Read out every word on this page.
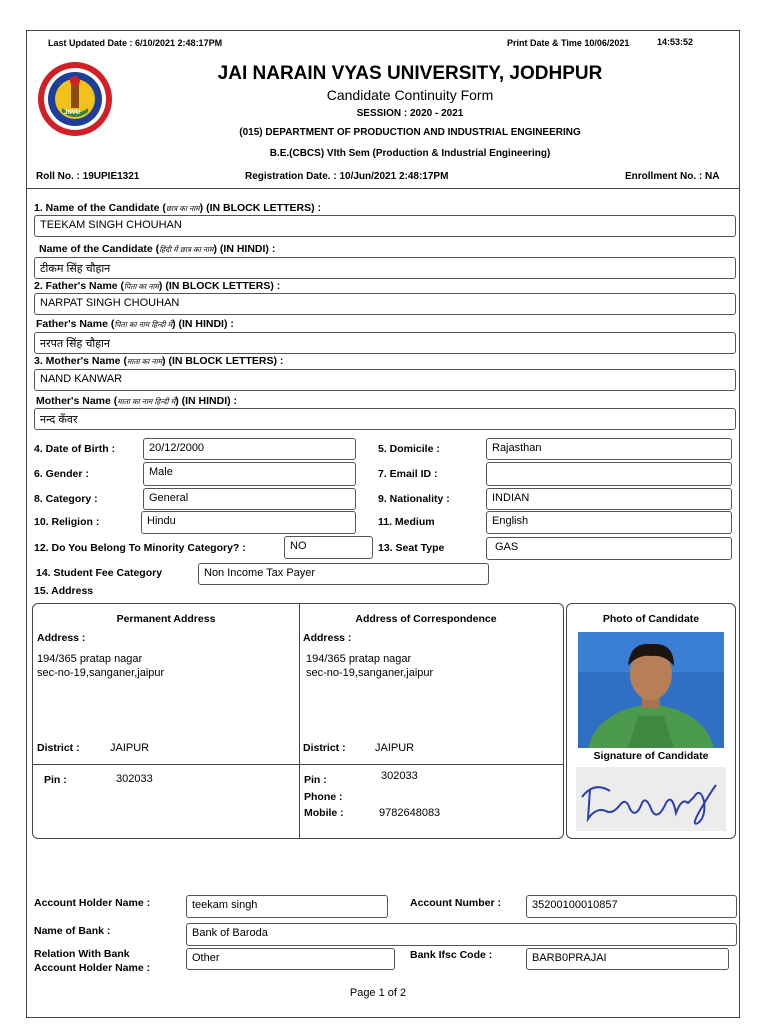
Last Updated Date : 6/10/2021 2:48:17PM	Print Date & Time 10/06/2021	14:53:52
JNVU
JAI NARAIN VYAS UNIVERSITY, JODHPUR
Candidate Continuity Form
SESSION : 2020 - 2021
(015) DEPARTMENT OF PRODUCTION AND INDUSTRIAL ENGINEERING
B.E.(CBCS) VIth Sem (Production & Industrial Engineering)
Roll No. : 19UPIE1321	Registration Date. : 10/Jun/2021 2:48:17PM	Enrollment No. : NA
1. Name of the Candidate (छात्र का नाम) (IN BLOCK LETTERS) :
TEEKAM SINGH CHOUHAN
Name of the Candidate (हिंदी में छात्र का नाम) (IN HINDI) :
टीकम सिंह चौहान
2. Father's Name (पिता का नाम) (IN BLOCK LETTERS) :
NARPAT SINGH CHOUHAN
Father's Name (पिता का नाम हिन्दी में) (IN HINDI) :
नरपत सिंह चौहान
3. Mother's Name (माता का नाम) (IN BLOCK LETTERS) :
NAND KANWAR
Mother's Name (माता का नाम हिन्दी में) (IN HINDI) :
नन्द कँवर
4. Date of Birth :	20/12/2000	5. Domicile :	Rajasthan
6. Gender :	Male	7. Email ID :
8. Category :	General	9. Nationality :	INDIAN
10. Religion :	Hindu	11. Medium	English
12. Do You Belong To Minority Category? :	NO	13. Seat Type	GAS
14. Student Fee Category	Non Income Tax Payer
15. Address
Permanent Address	Address of Correspondence
Address :	Address :
194/365 pratap nagar
sec-no-19,sanganer,jaipur
194/365 pratap nagar
sec-no-19,sanganer,jaipur
District :	JAIPUR	District :	JAIPUR
Pin :	302033	Pin :	302033
Phone :
Mobile :	9782648083
Photo of Candidate
Signature of Candidate
Account Holder Name :	teekam singh	Account Number :	35200100010857
Name of Bank :	Bank of Baroda
Relation With Bank
Account Holder Name :
Other	Bank Ifsc Code :	BARB0PRAJAI
Page 1 of 2
